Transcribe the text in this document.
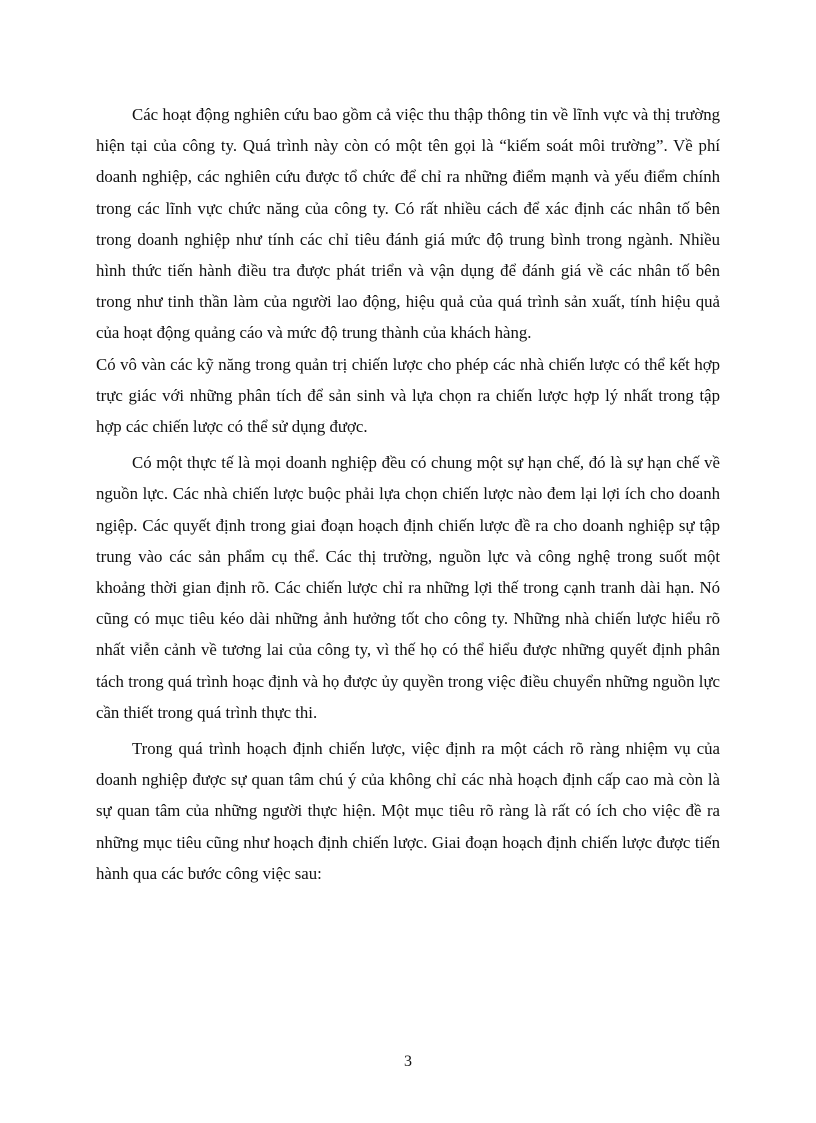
Các hoạt động nghiên cứu bao gồm cả việc thu thập thông tin về lĩnh vực và thị trường hiện tại của công ty. Quá trình này còn có một tên gọi là “kiếm soát môi trường”. Về phí doanh nghiệp, các nghiên cứu được tổ chức để chỉ ra những điểm mạnh và yếu điểm chính trong các lĩnh vực chức năng của công ty. Có rất nhiều cách để xác định các nhân tố bên trong doanh nghiệp như tính các chỉ tiêu đánh giá mức độ trung bình trong ngành. Nhiều hình thức tiến hành điều tra được phát triển và vận dụng để đánh giá về các nhân tố bên trong như tinh thần làm của người lao động, hiệu quả của quá trình sản xuất, tính hiệu quả của hoạt động quảng cáo và mức độ trung thành của khách hàng.

Có vô vàn các kỹ năng trong quản trị chiến lược cho phép các nhà chiến lược có thể kết hợp trực giác với những phân tích để sản sinh và lựa chọn ra chiến lược hợp lý nhất trong tập hợp các chiến lược có thể sử dụng được.

Có một thực tế là mọi doanh nghiệp đều có chung một sự hạn chế, đó là sự hạn chế về nguồn lực. Các nhà chiến lược buộc phải lựa chọn chiến lược nào đem lại lợi ích cho doanh ngiệp. Các quyết định trong giai đoạn hoạch định chiến lược đề ra cho doanh nghiệp sự tập trung vào các sản phẩm cụ thể. Các thị trường, nguồn lực và công nghệ trong suốt một khoảng thời gian định rõ. Các chiến lược chỉ ra những lợi thế trong cạnh tranh dài hạn. Nó cũng có mục tiêu kéo dài những ảnh hưởng tốt cho công ty. Những nhà chiến lược hiểu rõ nhất viễn cảnh về tương lai của công ty, vì thế họ có thể hiểu được những quyết định phân tách trong quá trình hoạc định và họ được ủy quyền trong việc điều chuyển những nguồn lực cần thiết trong quá trình thực thi.

Trong quá trình hoạch định chiến lược, việc định ra một cách rõ ràng nhiệm vụ của doanh nghiệp được sự quan tâm chú ý của không chỉ các nhà hoạch định cấp cao mà còn là sự quan tâm của những người thực hiện. Một mục tiêu rõ ràng là rất có ích cho việc đề ra những mục tiêu cũng như hoạch định chiến lược. Giai đoạn hoạch định chiến lược được tiến hành qua các bước công việc sau:

3
